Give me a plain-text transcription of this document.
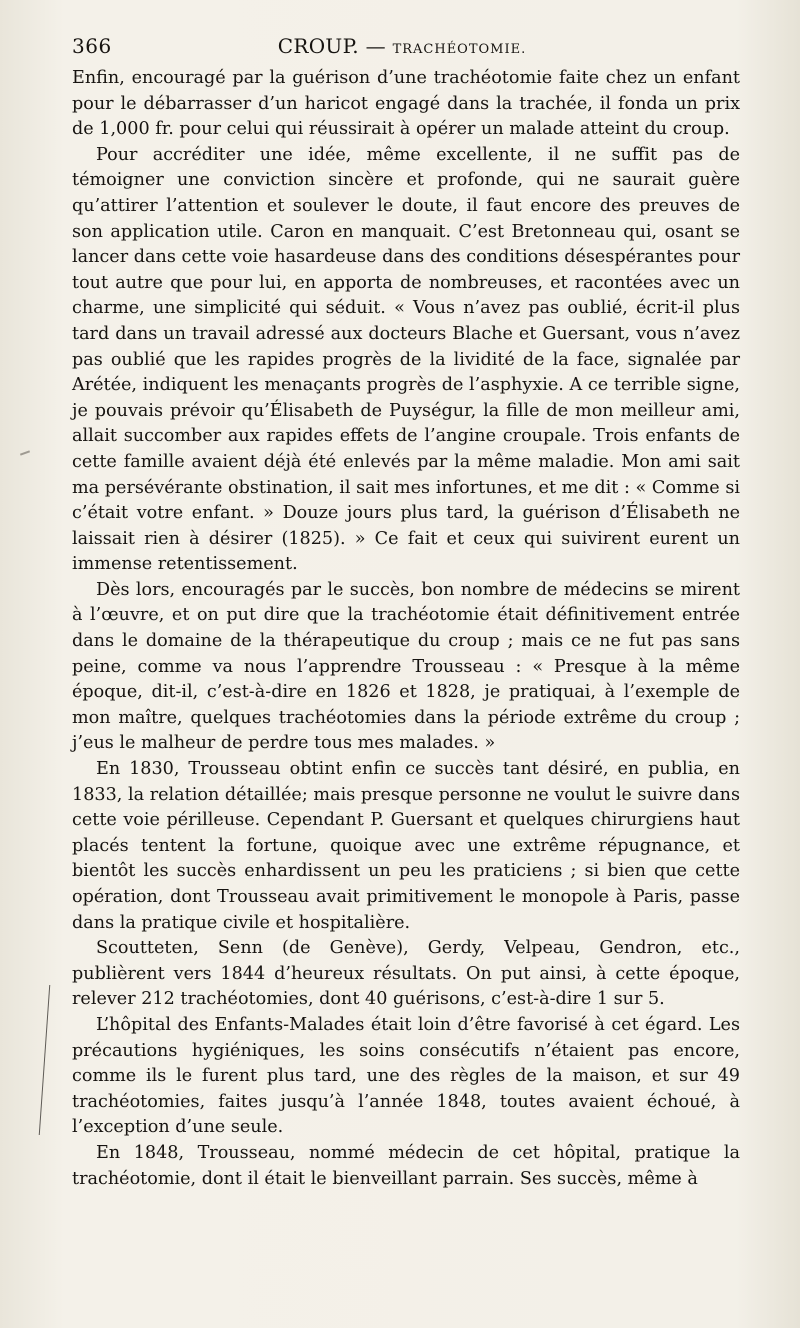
366	CROUP. — TRACHÉOTOMIE.

Enfin, encouragé par la guérison d’une trachéotomie faite chez un enfant pour le débarrasser d’un haricot engagé dans la trachée, il fonda un prix de 1,000 fr. pour celui qui réussirait à opérer un malade atteint du croup.

Pour accréditer une idée, même excellente, il ne suffit pas de témoigner une conviction sincère et profonde, qui ne saurait guère qu’attirer l’attention et soulever le doute, il faut encore des preuves de son application utile. Caron en manquait. C’est Bretonneau qui, osant se lancer dans cette voie hasardeuse dans des conditions désespérantes pour tout autre que pour lui, en apporta de nombreuses, et racontées avec un charme, une simplicité qui séduit. « Vous n’avez pas oublié, écrit-il plus tard dans un travail adressé aux docteurs Blache et Guersant, vous n’avez pas oublié que les rapides progrès de la lividité de la face, signalée par Arétée, indiquent les menaçants progrès de l’asphyxie. A ce terrible signe, je pouvais prévoir qu’Élisabeth de Puységur, la fille de mon meilleur ami, allait succomber aux rapides effets de l’angine croupale. Trois enfants de cette famille avaient déjà été enlevés par la même maladie. Mon ami sait ma persévérante obstination, il sait mes infortunes, et me dit : « Comme si c’était votre enfant. » Douze jours plus tard, la guérison d’Élisabeth ne laissait rien à désirer (1825). » Ce fait et ceux qui suivirent eurent un immense retentissement.

Dès lors, encouragés par le succès, bon nombre de médecins se mirent à l’œuvre, et on put dire que la trachéotomie était définitivement entrée dans le domaine de la thérapeutique du croup ; mais ce ne fut pas sans peine, comme va nous l’apprendre Trousseau : « Presque à la même époque, dit-il, c’est-à-dire en 1826 et 1828, je pratiquai, à l’exemple de mon maître, quelques trachéotomies dans la période extrême du croup ; j’eus le malheur de perdre tous mes malades. »

En 1830, Trousseau obtint enfin ce succès tant désiré, en publia, en 1833, la relation détaillée; mais presque personne ne voulut le suivre dans cette voie périlleuse. Cependant P. Guersant et quelques chirurgiens haut placés tentent la fortune, quoique avec une extrême répugnance, et bientôt les succès enhardissent un peu les praticiens ; si bien que cette opération, dont Trousseau avait primitivement le monopole à Paris, passe dans la pratique civile et hospitalière.

Scoutteten, Senn (de Genève), Gerdy, Velpeau, Gendron, etc., publièrent vers 1844 d’heureux résultats. On put ainsi, à cette époque, relever 212 trachéotomies, dont 40 guérisons, c’est-à-dire 1 sur 5.

L’hôpital des Enfants-Malades était loin d’être favorisé à cet égard. Les précautions hygiéniques, les soins consécutifs n’étaient pas encore, comme ils le furent plus tard, une des règles de la maison, et sur 49 trachéotomies, faites jusqu’à l’année 1848, toutes avaient échoué, à l’exception d’une seule.

En 1848, Trousseau, nommé médecin de cet hôpital, pratique la trachéotomie, dont il était le bienveillant parrain. Ses succès, même à
